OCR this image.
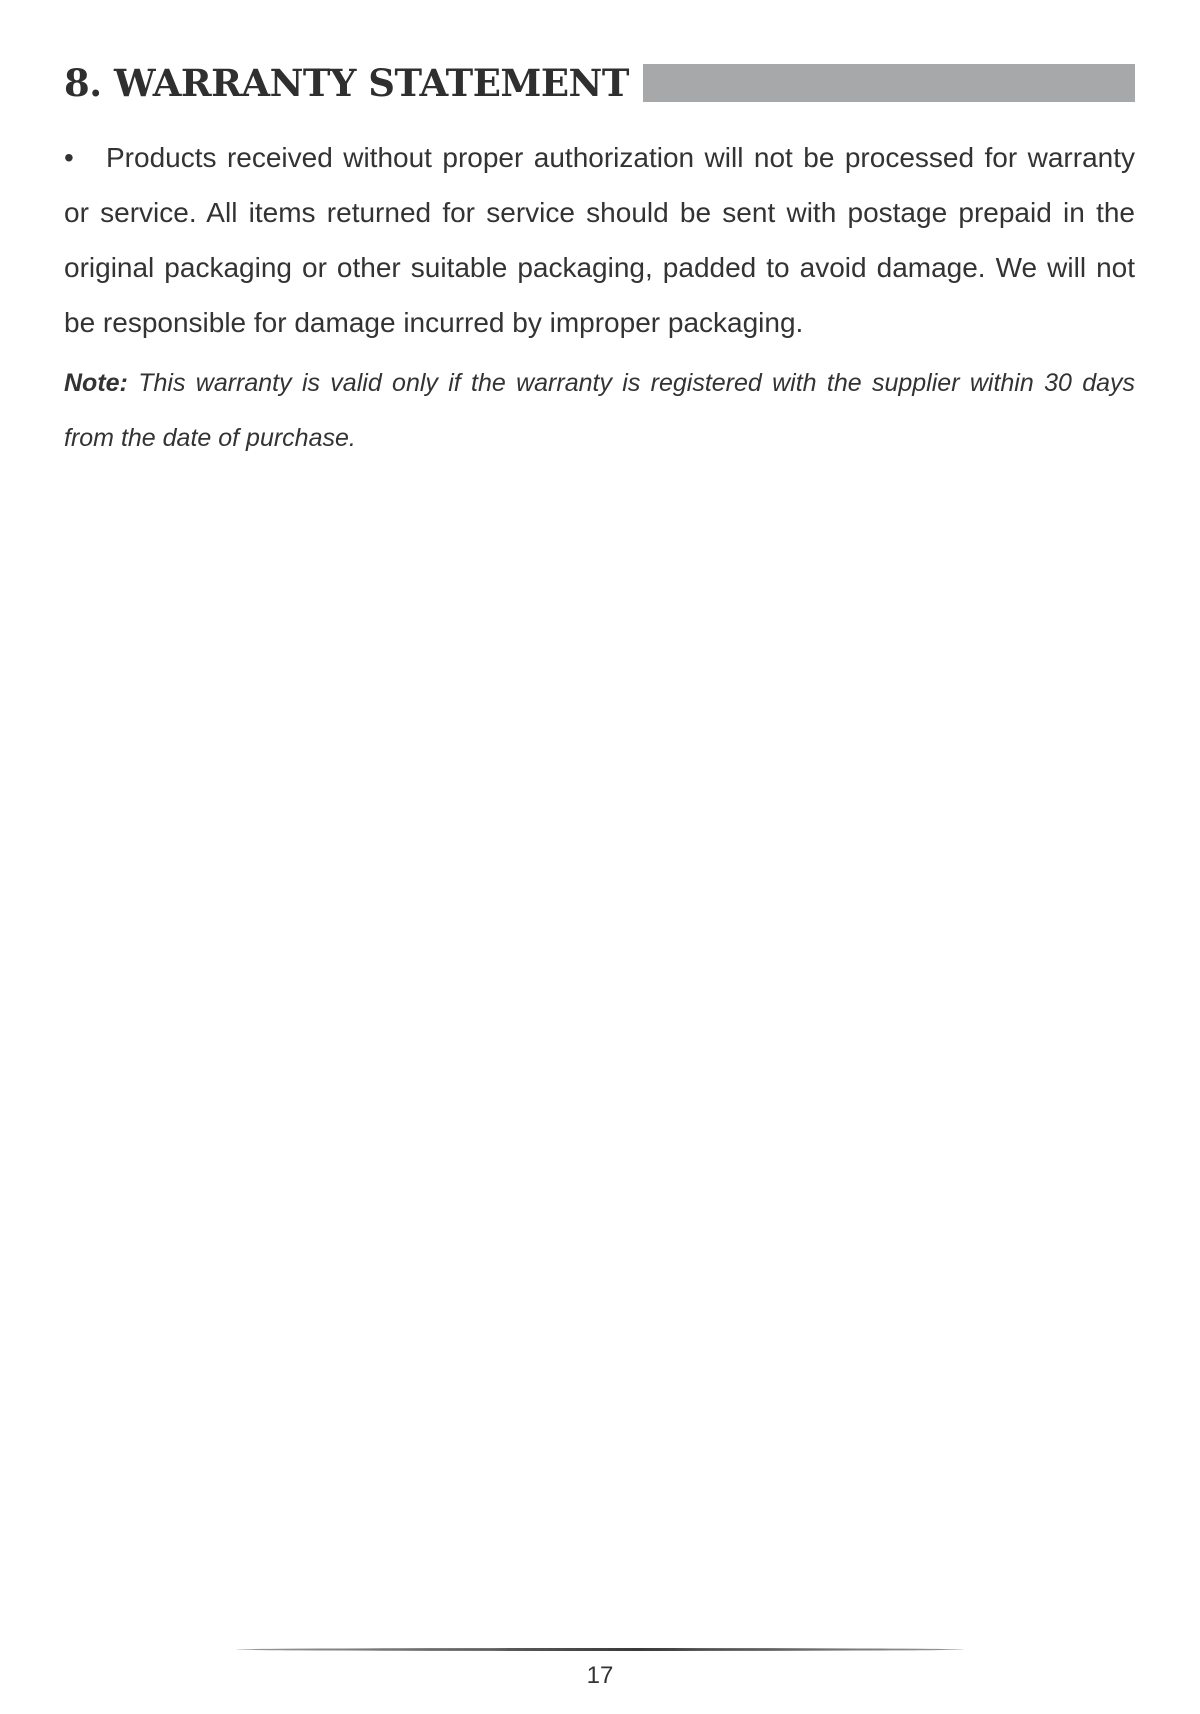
8. WARRANTY STATEMENT

• Products received without proper authorization will not be processed for warranty or service. All items returned for service should be sent with postage prepaid in the original packaging or other suitable packaging, padded to avoid damage. We will not be responsible for damage incurred by improper packaging.

Note: This warranty is valid only if the warranty is registered with the supplier within 30 days from the date of purchase.

17
